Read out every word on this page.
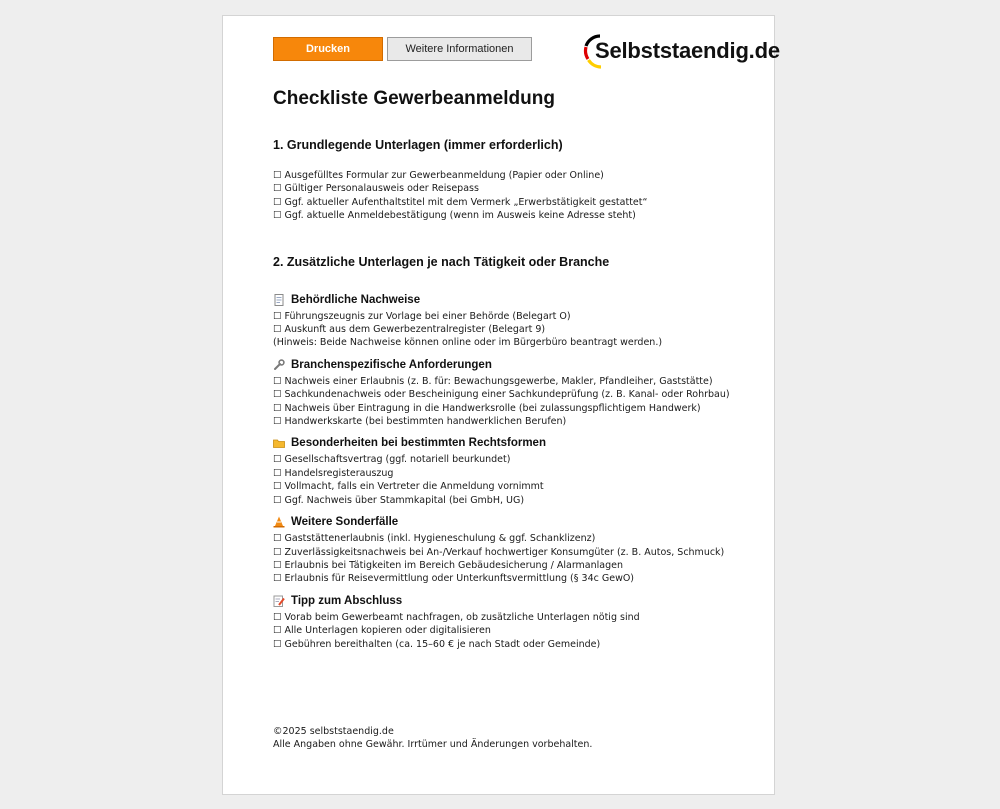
Drucken	Weitere Informationen	Selbststaendig.de
Checkliste Gewerbeanmeldung
1. Grundlegende Unterlagen (immer erforderlich)
☐ Ausgefülltes Formular zur Gewerbeanmeldung (Papier oder Online)
☐ Gültiger Personalausweis oder Reisepass
☐ Ggf. aktueller Aufenthaltstitel mit dem Vermerk „Erwerbstätigkeit gestattet“
☐ Ggf. aktuelle Anmeldebestätigung (wenn im Ausweis keine Adresse steht)
2. Zusätzliche Unterlagen je nach Tätigkeit oder Branche
Behördliche Nachweise
☐ Führungszeugnis zur Vorlage bei einer Behörde (Belegart O)
☐ Auskunft aus dem Gewerbezentralregister (Belegart 9)
(Hinweis: Beide Nachweise können online oder im Bürgerbüro beantragt werden.)
Branchenspezifische Anforderungen
☐ Nachweis einer Erlaubnis (z. B. für: Bewachungsgewerbe, Makler, Pfandleiher, Gaststätte)
☐ Sachkundenachweis oder Bescheinigung einer Sachkundeprüfung (z. B. Kanal- oder Rohrbau)
☐ Nachweis über Eintragung in die Handwerksrolle (bei zulassungspflichtigem Handwerk)
☐ Handwerkskarte (bei bestimmten handwerklichen Berufen)
Besonderheiten bei bestimmten Rechtsformen
☐ Gesellschaftsvertrag (ggf. notariell beurkundet)
☐ Handelsregisterauszug
☐ Vollmacht, falls ein Vertreter die Anmeldung vornimmt
☐ Ggf. Nachweis über Stammkapital (bei GmbH, UG)
Weitere Sonderfälle
☐ Gaststättenerlaubnis (inkl. Hygieneschulung & ggf. Schanklizenz)
☐ Zuverlässigkeitsnachweis bei An-/Verkauf hochwertiger Konsumgüter (z. B. Autos, Schmuck)
☐ Erlaubnis bei Tätigkeiten im Bereich Gebäudesicherung / Alarmanlagen
☐ Erlaubnis für Reisevermittlung oder Unterkunftsvermittlung (§ 34c GewO)
Tipp zum Abschluss
☐ Vorab beim Gewerbeamt nachfragen, ob zusätzliche Unterlagen nötig sind
☐ Alle Unterlagen kopieren oder digitalisieren
☐ Gebühren bereithalten (ca. 15–60 € je nach Stadt oder Gemeinde)
©2025 selbststaendig.de
Alle Angaben ohne Gewähr. Irrtümer und Änderungen vorbehalten.
